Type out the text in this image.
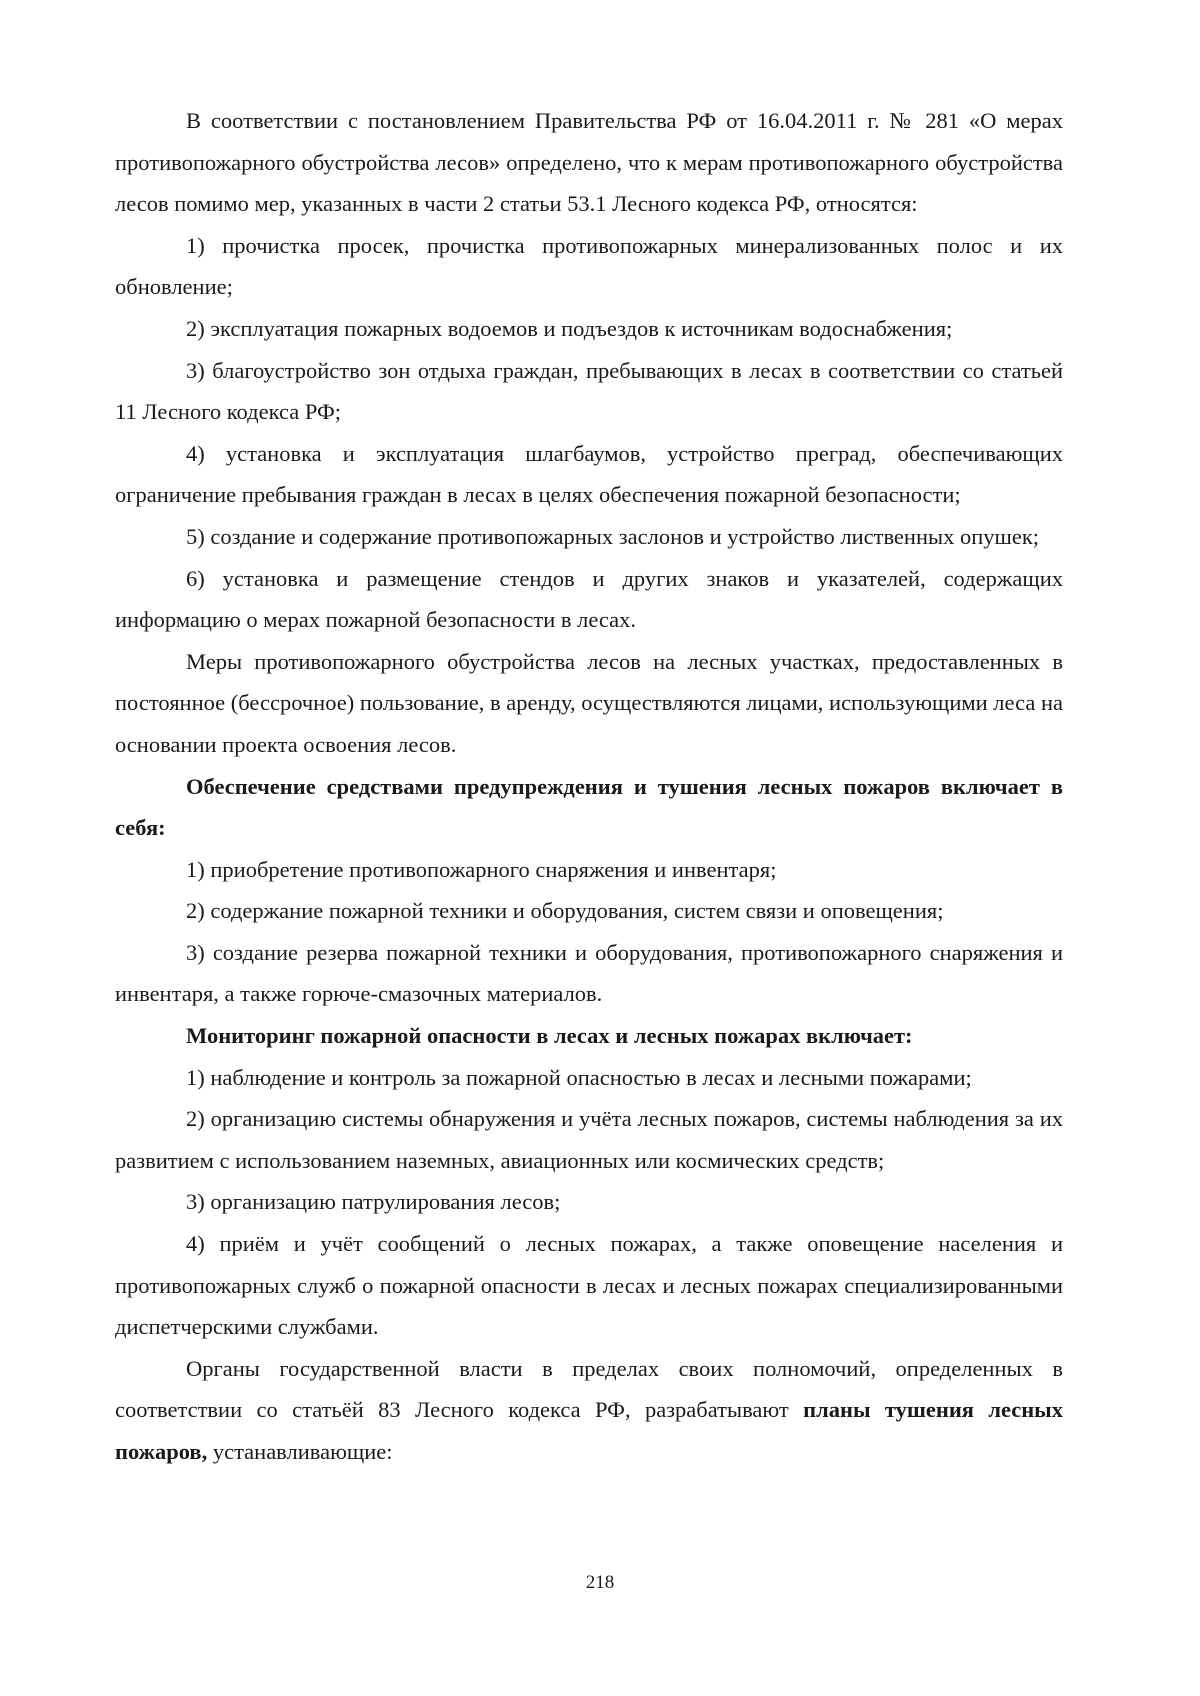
В соответствии с постановлением Правительства РФ от 16.04.2011 г. № 281 «О мерах противопожарного обустройства лесов» определено, что к мерам противопожарного обустройства лесов помимо мер, указанных в части 2 статьи 53.1 Лесного кодекса РФ, относятся:

1) прочистка просек, прочистка противопожарных минерализованных полос и их обновление;

2) эксплуатация пожарных водоемов и подъездов к источникам водоснабжения;

3) благоустройство зон отдыха граждан, пребывающих в лесах в соответствии со статьей 11 Лесного кодекса РФ;

4) установка и эксплуатация шлагбаумов, устройство преград, обеспечивающих ограничение пребывания граждан в лесах в целях обеспечения пожарной безопасности;

5) создание и содержание противопожарных заслонов и устройство лиственных опушек;

6) установка и размещение стендов и других знаков и указателей, содержащих информацию о мерах пожарной безопасности в лесах.

Меры противопожарного обустройства лесов на лесных участках, предоставленных в постоянное (бессрочное) пользование, в аренду, осуществляются лицами, использующими леса на основании проекта освоения лесов.

Обеспечение средствами предупреждения и тушения лесных пожаров включает в себя:

1) приобретение противопожарного снаряжения и инвентаря;

2) содержание пожарной техники и оборудования, систем связи и оповещения;

3) создание резерва пожарной техники и оборудования, противопожарного снаряжения и инвентаря, а также горюче-смазочных материалов.

Мониторинг пожарной опасности в лесах и лесных пожарах включает:

1) наблюдение и контроль за пожарной опасностью в лесах и лесными пожарами;

2) организацию системы обнаружения и учёта лесных пожаров, системы наблюдения за их развитием с использованием наземных, авиационных или космических средств;

3) организацию патрулирования лесов;

4) приём и учёт сообщений о лесных пожарах, а также оповещение населения и противопожарных служб о пожарной опасности в лесах и лесных пожарах специализированными диспетчерскими службами.

Органы государственной власти в пределах своих полномочий, определенных в соответствии со статьёй 83 Лесного кодекса РФ, разрабатывают планы тушения лесных пожаров, устанавливающие:

218
